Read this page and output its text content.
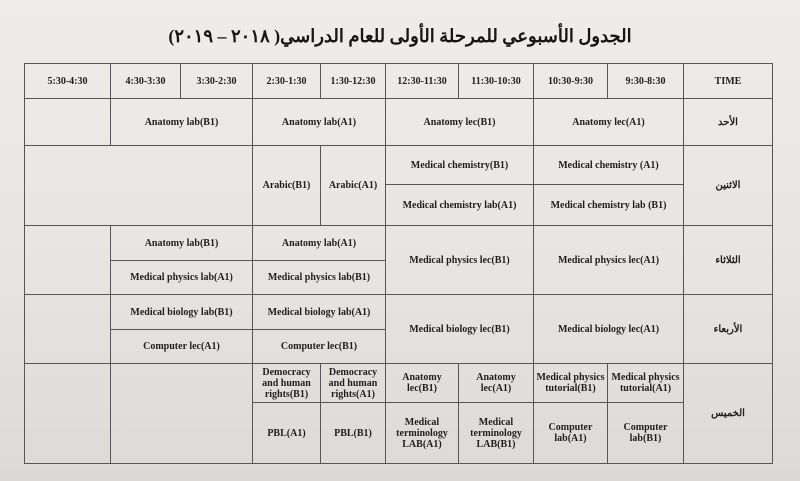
الجدول الأسبوعي للمرحلة الأولى للعام الدراسي( ٢٠١٨ – ٢٠١٩)
5:30-4:30	4:30-3:30	3:30-2:30	2:30-1:30	1:30-12:30	12:30-11:30	11:30-10:30	10:30-9:30	9:30-8:30	TIME
	Anatomy lab(B1)		Anatomy lab(A1)		Anatomy lec(B1)		Anatomy lec(A1)		الأحد
			Arabic(B1)	Arabic(A1)	Medical chemistry(B1)		Medical chemistry (A1)		الاثنين
					Medical chemistry lab(A1)		Medical chemistry lab (B1)		
	Anatomy lab(B1)		Anatomy lab(A1)		Medical physics lec(B1)		Medical physics lec(A1)		الثلاثاء
	Medical physics lab(A1)		Medical physics lab(B1)						
	Medical biology lab(B1)		Medical biology lab(A1)		Medical biology lec(B1)		Medical biology lec(A1)		الأربعاء
	Computer lec(A1)		Computer lec(B1)						
			Democracy and human rights(B1)	Democracy and human rights(A1)	Anatomy lec(B1)	Anatomy lec(A1)	Medical physics tutorial(B1)	Medical physics tutorial(A1)	الخميس
			PBL(A1)	PBL(B1)	Medical terminology LAB(A1)	Medical terminology LAB(B1)	Computer lab(A1)	Computer lab(B1)	
